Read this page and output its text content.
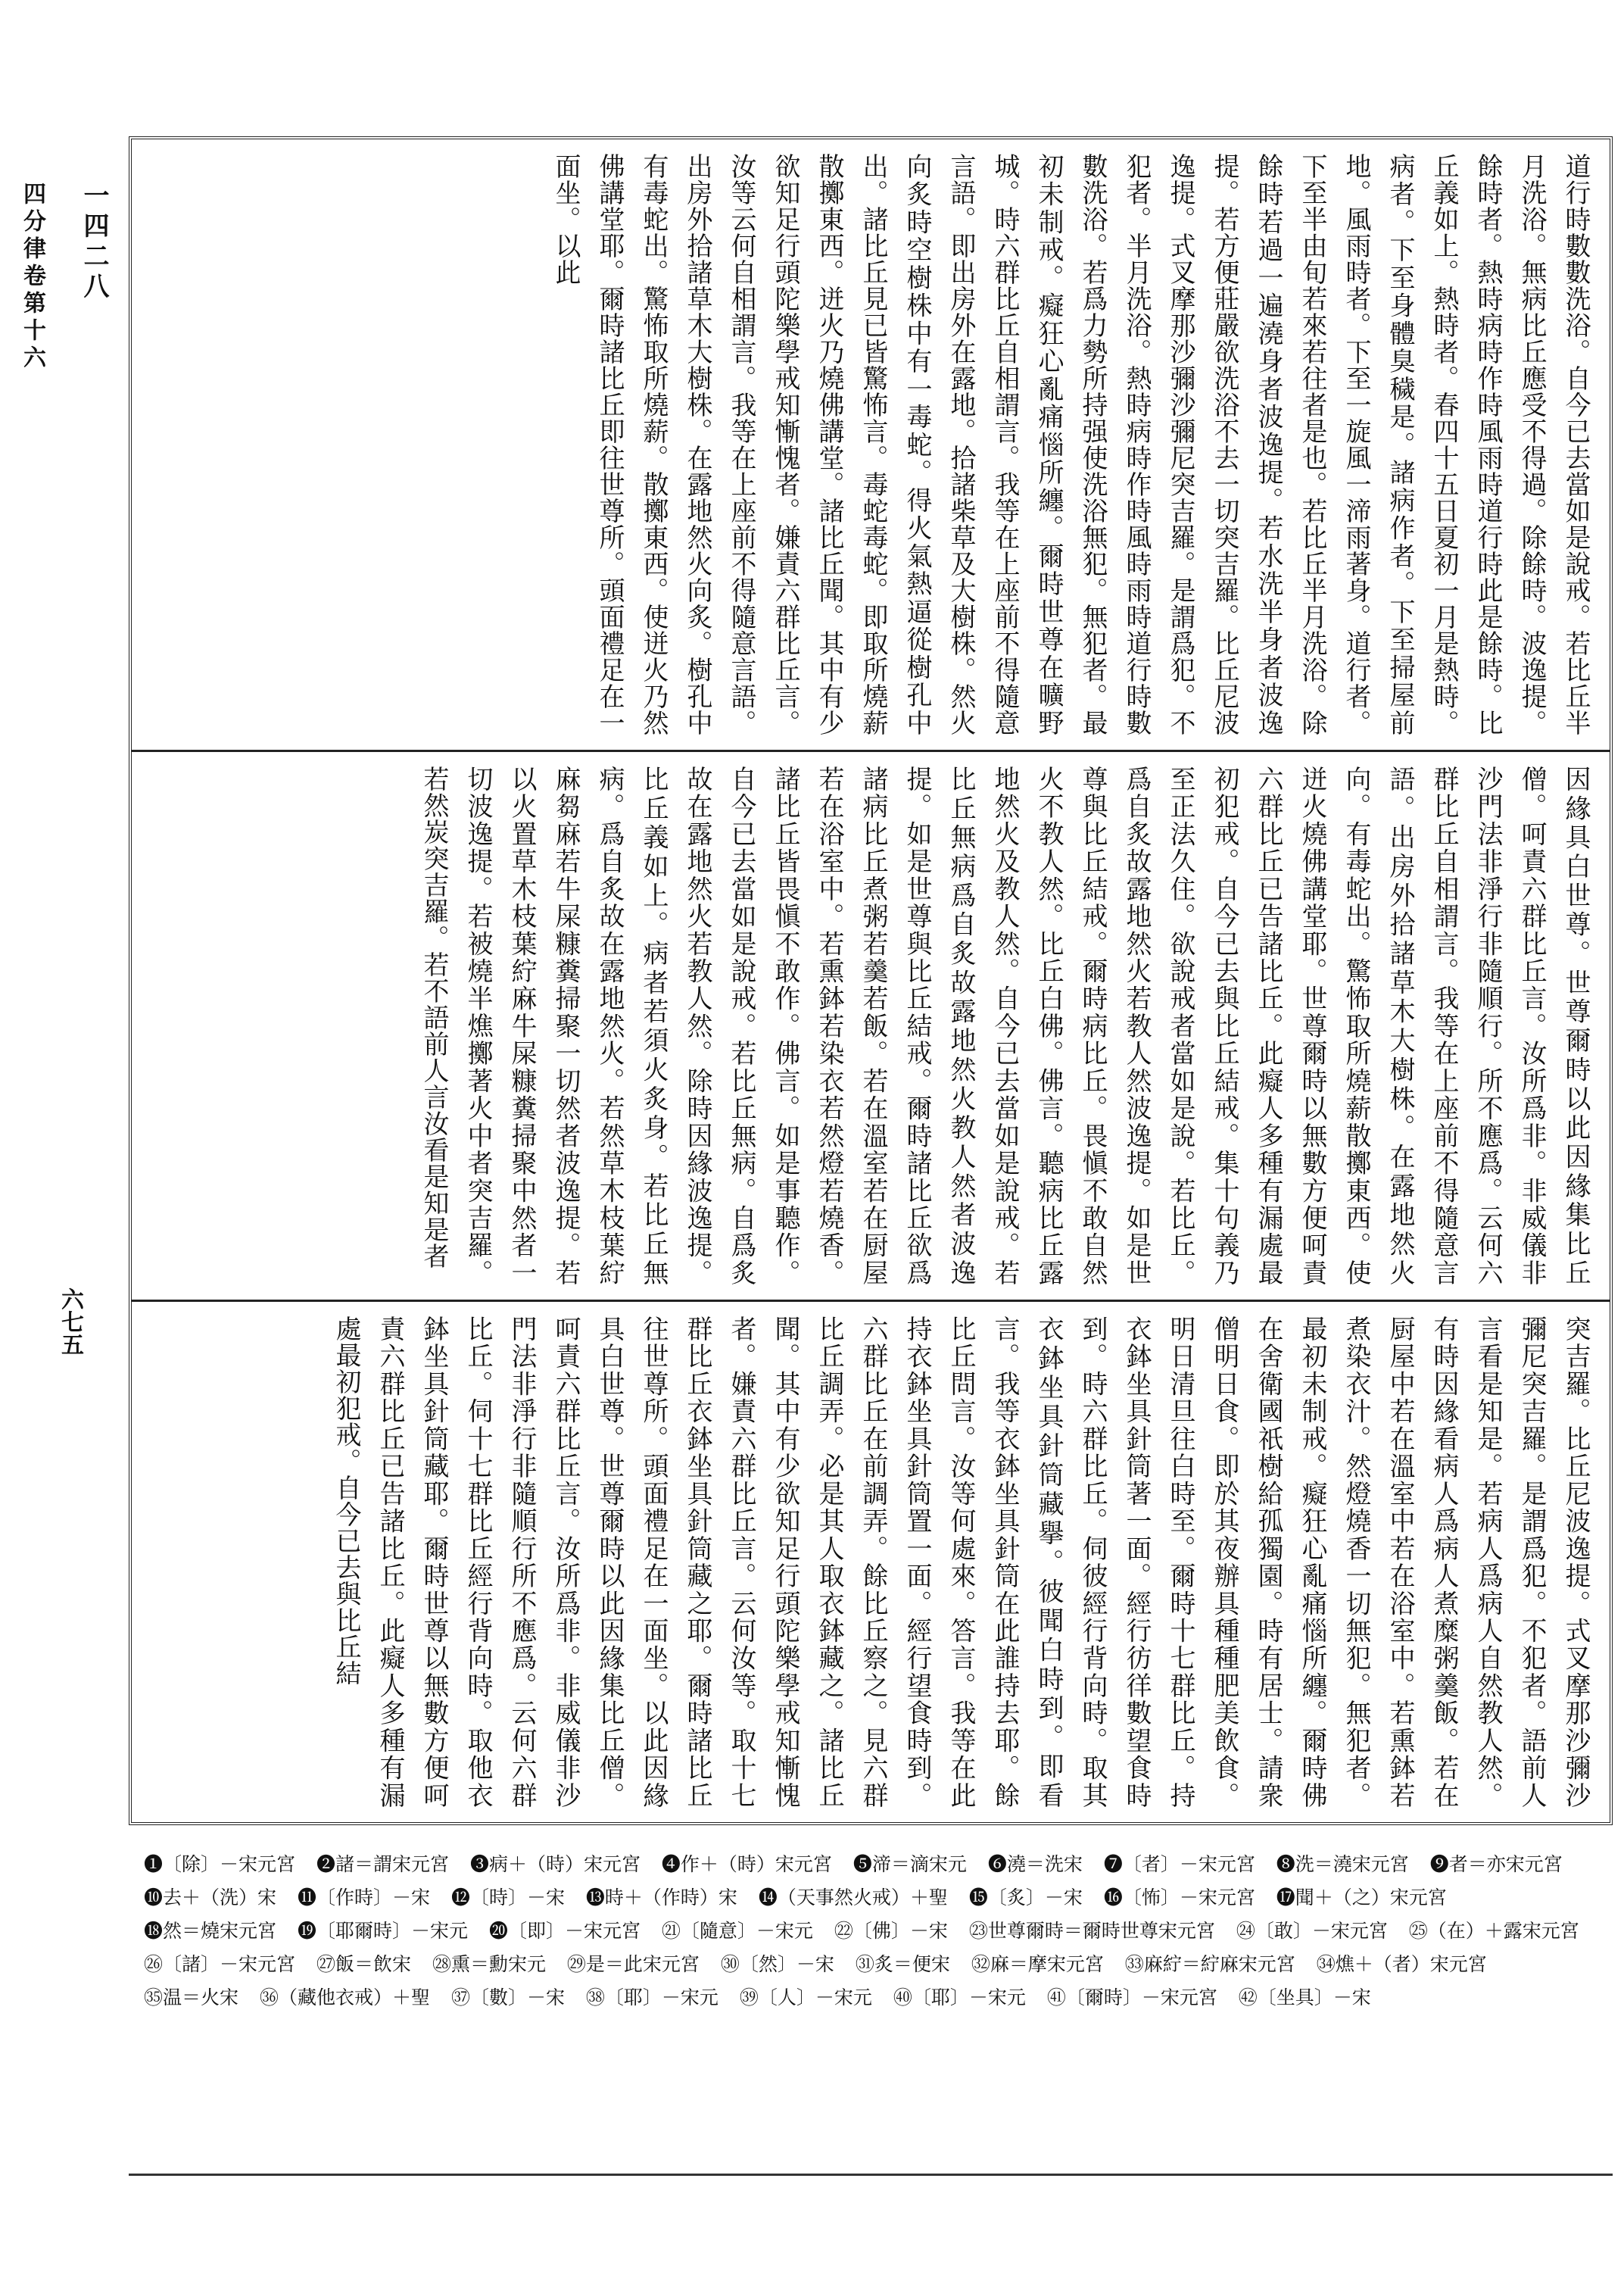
一四二八
四分律卷第十六
六七五
道行時數數洗浴。自今已去當如是說戒。若比丘半月洗浴。無病比丘應受不得過。除餘時。波逸提。餘時者。熱時病時作時風雨時道行時此是餘時。比丘義如上。熱時者。春四十五日夏初一月是熱時。病者。下至身體臭穢是。諸病作者。下至掃屋前地。風雨時者。下至一旋風一渧雨著身。道行者。下至半由旬若來若往者是也。若比丘半月洗浴。除餘時若過一遍澆身者波逸提。若水洗半身者波逸提。若方便莊嚴欲洗浴不去一切突吉羅。比丘尼波逸提。式叉摩那沙彌沙彌尼突吉羅。是謂爲犯。不犯者。半月洗浴。熱時病時作時風時雨時道行時數數洗浴。若爲力勢所持强使洗浴無犯。無犯者。最初未制戒。癡狂心亂痛惱所纏。爾時世尊在曠野城。時六群比丘自相謂言。我等在上座前不得隨意言語。即出房外在露地。拾諸柴草及大樹株。然火向炙時空樹株中有一毒蛇。得火氣熱逼從樹孔中出。諸比丘見已皆驚怖言。毒蛇毒蛇。即取所燒薪散擲東西。迸火乃燒佛講堂。諸比丘聞。其中有少欲知足行頭陀樂學戒知慚愧者。嫌責六群比丘言。汝等云何自相謂言。我等在上座前不得隨意言語。出房外拾諸草木大樹株。在露地然火向炙。樹孔中有毒蛇出。驚怖取所燒薪。散擲東西。使迸火乃然佛講堂耶。爾時諸比丘即往世尊所。頭面禮足在一面坐。以此
因緣具白世尊。世尊爾時以此因緣集比丘僧。呵責六群比丘言。汝所爲非。非威儀非沙門法非淨行非隨順行。所不應爲。云何六群比丘自相謂言。我等在上座前不得隨意言語。出房外拾諸草木大樹株。在露地然火向。有毒蛇出。驚怖取所燒薪散擲東西。使迸火燒佛講堂耶。世尊爾時以無數方便呵責六群比丘已告諸比丘。此癡人多種有漏處最初犯戒。自今已去與比丘結戒。集十句義乃至正法久住。欲說戒者當如是說。若比丘。爲自炙故露地然火若教人然波逸提。如是世尊與比丘結戒。爾時病比丘。畏愼不敢自然火不教人然。比丘白佛。佛言。聽病比丘露地然火及教人然。自今已去當如是說戒。若比丘無病爲自炙故露地然火教人然者波逸提。如是世尊與比丘結戒。爾時諸比丘欲爲諸病比丘煮粥若羹若飯。若在溫室若在厨屋若在浴室中。若熏鉢若染衣若然燈若燒香。諸比丘皆畏愼不敢作。佛言。如是事聽作。自今已去當如是說戒。若比丘無病。自爲炙故在露地然火若教人然。除時因緣波逸提。比丘義如上。病者若須火炙身。若比丘無病。爲自炙故在露地然火。若然草木枝葉紵麻芻麻若牛屎糠糞掃聚一切然者波逸提。若以火置草木枝葉紵麻牛屎糠糞掃聚中然者一切波逸提。若被燒半燋擲著火中者突吉羅。若然炭突吉羅。若不語前人言汝看是知是者
突吉羅。比丘尼波逸提。式叉摩那沙彌沙彌尼突吉羅。是謂爲犯。不犯者。語前人言看是知是。若病人爲病人自然教人然。有時因緣看病人爲病人煮糜粥羹飯。若在厨屋中若在溫室中若在浴室中。若熏鉢若煮染衣汁。然燈燒香一切無犯。無犯者。最初未制戒。癡狂心亂痛惱所纏。爾時佛在舍衛國祇樹給孤獨園。時有居士。請衆僧明日食。即於其夜辦具種種肥美飲食。明日清旦往白時至。爾時十七群比丘。持衣鉢坐具針筒著一面。經行彷徉數望食時到。時六群比丘。伺彼經行背向時。取其衣鉢坐具針筒藏擧。彼聞白時到。即看言。我等衣鉢坐具針筒在此誰持去耶。餘比丘問言。汝等何處來。答言。我等在此持衣鉢坐具針筒置一面。經行望食時到。六群比丘在前調弄。餘比丘察之。見六群比丘調弄。必是其人取衣鉢藏之。諸比丘聞。其中有少欲知足行頭陀樂學戒知慚愧者。嫌責六群比丘言。云何汝等。取十七群比丘衣鉢坐具針筒藏之耶。爾時諸比丘往世尊所。頭面禮足在一面坐。以此因緣具白世尊。世尊爾時以此因緣集比丘僧。呵責六群比丘言。汝所爲非。非威儀非沙門法非淨行非隨順行所不應爲。云何六群比丘。伺十七群比丘經行背向時。取他衣鉢坐具針筒藏耶。爾時世尊以無數方便呵責六群比丘已告諸比丘。此癡人多種有漏處最初犯戒。自今已去與比丘結
❶〔除〕－宋元宮 ❷諸＝謂宋元宮 ❸病＋（時）宋元宮 ❹作＋（時）宋元宮 ❺渧＝滴宋元 ❻澆＝洗宋 ❼〔者〕－宋元宮 ❽洗＝澆宋元宮 ❾者＝亦宋元宮 ❿去＋（洗）宋 ⓫〔作時〕－宋 ⓬〔時〕－宋 ⓭時＋（作時）宋 ⓮（天事然火戒）＋聖 ⓯〔炙〕－宋 ⓰〔怖〕－宋元宮 ⓱聞＋（之）宋元宮 ⓲然＝燒宋元宮 ⓳〔耶爾時〕－宋元 ⓴〔即〕－宋元宮 ㉑〔隨意〕－宋元 ㉒〔佛〕－宋 ㉓世尊爾時＝爾時世尊宋元宮 ㉔〔敢〕－宋元宮 ㉕（在）＋露宋元宮 ㉖〔諸〕－宋元宮 ㉗飯＝飲宋 ㉘熏＝勳宋元 ㉙是＝此宋元宮 ㉚〔然〕－宋 ㉛炙＝便宋 ㉜麻＝摩宋元宮 ㉝麻紵＝紵麻宋元宮 ㉞燋＋（者）宋元宮 ㉟温＝火宋 ㊱（藏他衣戒）＋聖 ㊲〔數〕－宋 ㊳〔耶〕－宋元 ㊴〔人〕－宋元 ㊵〔耶〕－宋元 ㊶〔爾時〕－宋元宮 ㊷〔坐具〕－宋
